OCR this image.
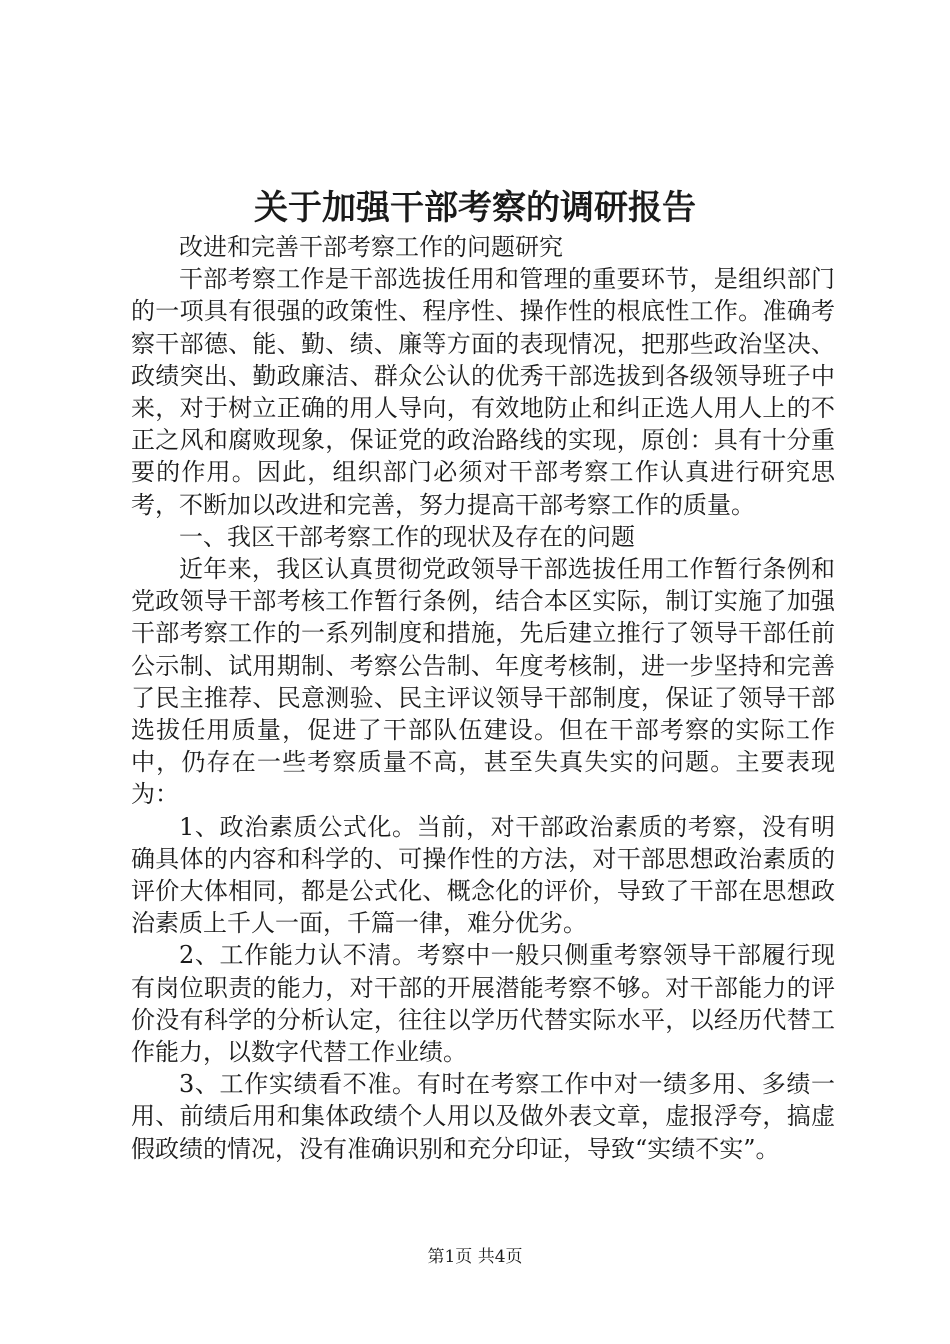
关于加强干部考察的调研报告

改进和完善干部考察工作的问题研究

干部考察工作是干部选拔任用和管理的重要环节，是组织部门的一项具有很强的政策性、程序性、操作性的根底性工作。准确考察干部德、能、勤、绩、廉等方面的表现情况，把那些政治坚决、政绩突出、勤政廉洁、群众公认的优秀干部选拔到各级领导班子中来，对于树立正确的用人导向，有效地防止和纠正选人用人上的不正之风和腐败现象，保证党的政治路线的实现，原创：具有十分重要的作用。因此，组织部门必须对干部考察工作认真进行研究思考，不断加以改进和完善，努力提高干部考察工作的质量。

一、我区干部考察工作的现状及存在的问题

近年来，我区认真贯彻党政领导干部选拔任用工作暂行条例和党政领导干部考核工作暂行条例，结合本区实际，制订实施了加强干部考察工作的一系列制度和措施，先后建立推行了领导干部任前公示制、试用期制、考察公告制、年度考核制，进一步坚持和完善了民主推荐、民意测验、民主评议领导干部制度，保证了领导干部选拔任用质量，促进了干部队伍建设。但在干部考察的实际工作中，仍存在一些考察质量不高，甚至失真失实的问题。主要表现为：

1、政治素质公式化。当前，对干部政治素质的考察，没有明确具体的内容和科学的、可操作性的方法，对干部思想政治素质的评价大体相同，都是公式化、概念化的评价，导致了干部在思想政治素质上千人一面，千篇一律，难分优劣。

2、工作能力认不清。考察中一般只侧重考察领导干部履行现有岗位职责的能力，对干部的开展潜能考察不够。对干部能力的评价没有科学的分析认定，往往以学历代替实际水平，以经历代替工作能力，以数字代替工作业绩。

3、工作实绩看不准。有时在考察工作中对一绩多用、多绩一用、前绩后用和集体政绩个人用以及做外表文章，虚报浮夸，搞虚假政绩的情况，没有准确识别和充分印证，导致“实绩不实”。

第1页 共4页
